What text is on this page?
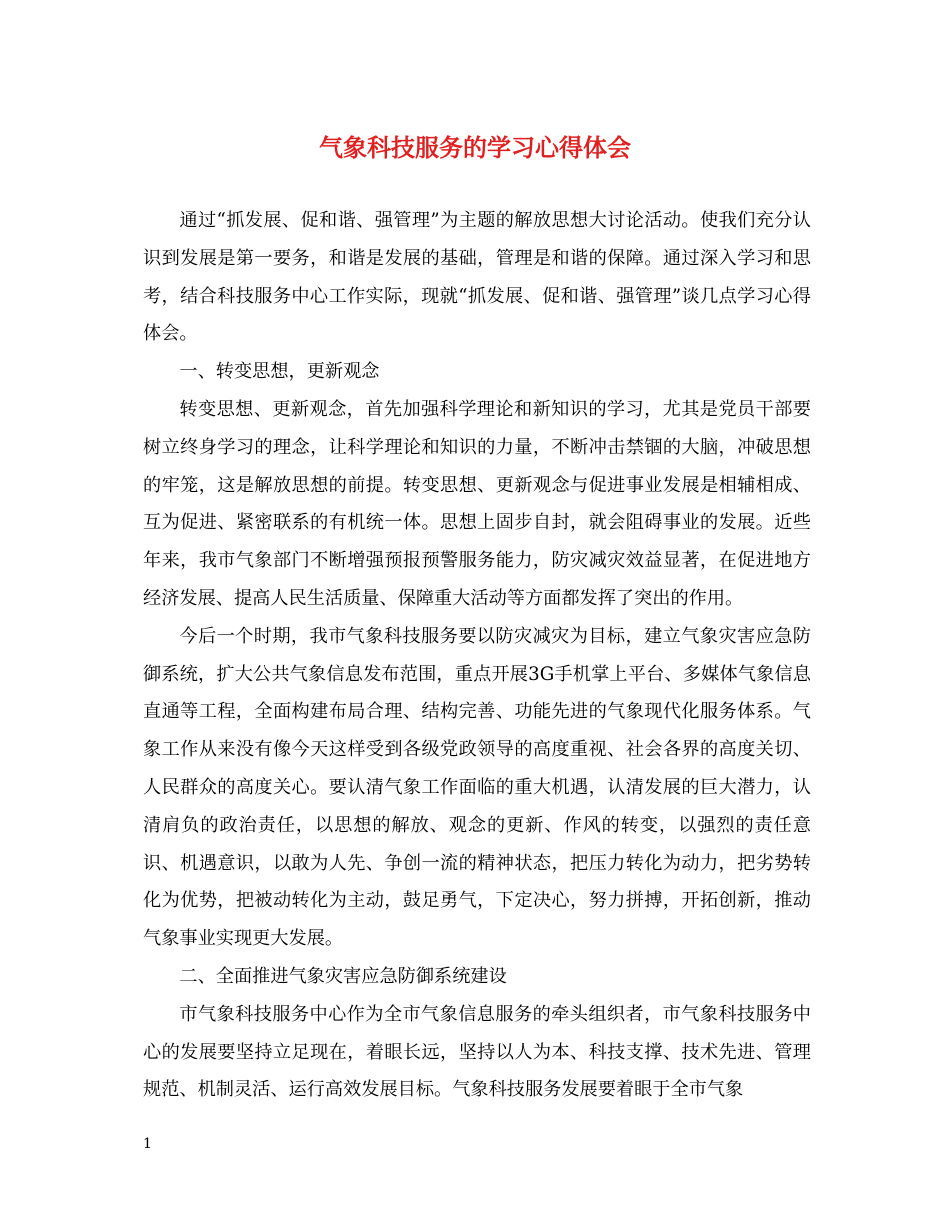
气象科技服务的学习心得体会

通过“抓发展、促和谐、强管理”为主题的解放思想大讨论活动。使我们充分认识到发展是第一要务，和谐是发展的基础，管理是和谐的保障。通过深入学习和思考，结合科技服务中心工作实际，现就“抓发展、促和谐、强管理”谈几点学习心得体会。

一、转变思想，更新观念

转变思想、更新观念，首先加强科学理论和新知识的学习，尤其是党员干部要树立终身学习的理念，让科学理论和知识的力量，不断冲击禁锢的大脑，冲破思想的牢笼，这是解放思想的前提。转变思想、更新观念与促进事业发展是相辅相成、互为促进、紧密联系的有机统一体。思想上固步自封，就会阻碍事业的发展。近些年来，我市气象部门不断增强预报预警服务能力，防灾减灾效益显著，在促进地方经济发展、提高人民生活质量、保障重大活动等方面都发挥了突出的作用。

今后一个时期，我市气象科技服务要以防灾减灾为目标，建立气象灾害应急防御系统，扩大公共气象信息发布范围，重点开展3G手机掌上平台、多媒体气象信息直通等工程，全面构建布局合理、结构完善、功能先进的气象现代化服务体系。气象工作从来没有像今天这样受到各级党政领导的高度重视、社会各界的高度关切、人民群众的高度关心。要认清气象工作面临的重大机遇，认清发展的巨大潜力，认清肩负的政治责任，以思想的解放、观念的更新、作风的转变，以强烈的责任意识、机遇意识，以敢为人先、争创一流的精神状态，把压力转化为动力，把劣势转化为优势，把被动转化为主动，鼓足勇气，下定决心，努力拼搏，开拓创新，推动气象事业实现更大发展。

二、全面推进气象灾害应急防御系统建设

市气象科技服务中心作为全市气象信息服务的牵头组织者，市气象科技服务中心的发展要坚持立足现在，着眼长远，坚持以人为本、科技支撑、技术先进、管理规范、机制灵活、运行高效发展目标。气象科技服务发展要着眼于全市气象

1
